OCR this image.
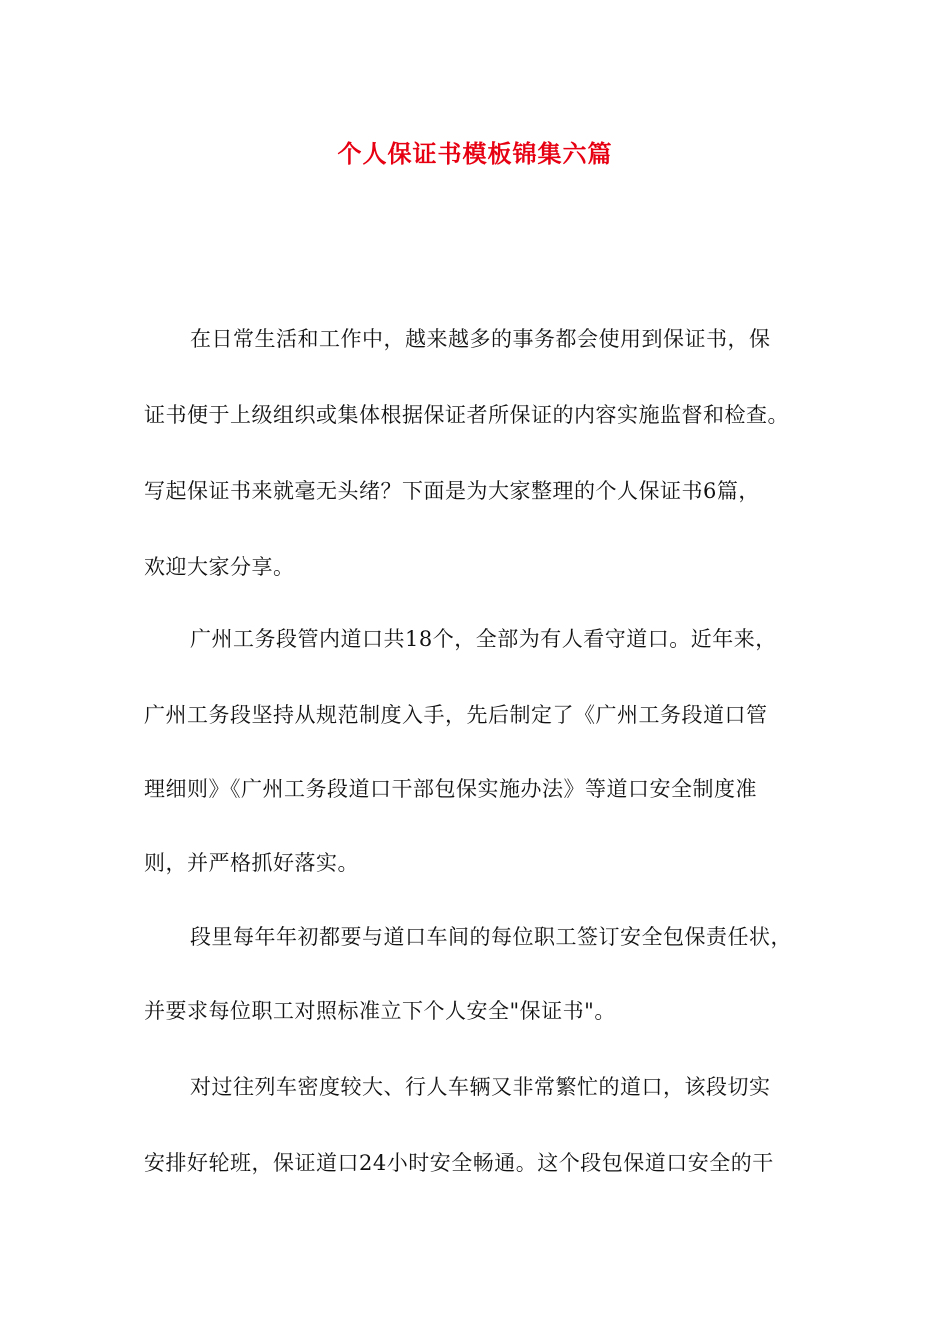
个人保证书模板锦集六篇
在日常生活和工作中，越来越多的事务都会使用到保证书，保
证书便于上级组织或集体根据保证者所保证的内容实施监督和检查。
写起保证书来就毫无头绪？下面是为大家整理的个人保证书6篇，
欢迎大家分享。
广州工务段管内道口共18个，全部为有人看守道口。近年来，
广州工务段坚持从规范制度入手，先后制定了《广州工务段道口管
理细则》《广州工务段道口干部包保实施办法》等道口安全制度准
则，并严格抓好落实。
段里每年年初都要与道口车间的每位职工签订安全包保责任状，
并要求每位职工对照标准立下个人安全"保证书"。
对过往列车密度较大、行人车辆又非常繁忙的道口，该段切实
安排好轮班，保证道口24小时安全畅通。这个段包保道口安全的干
